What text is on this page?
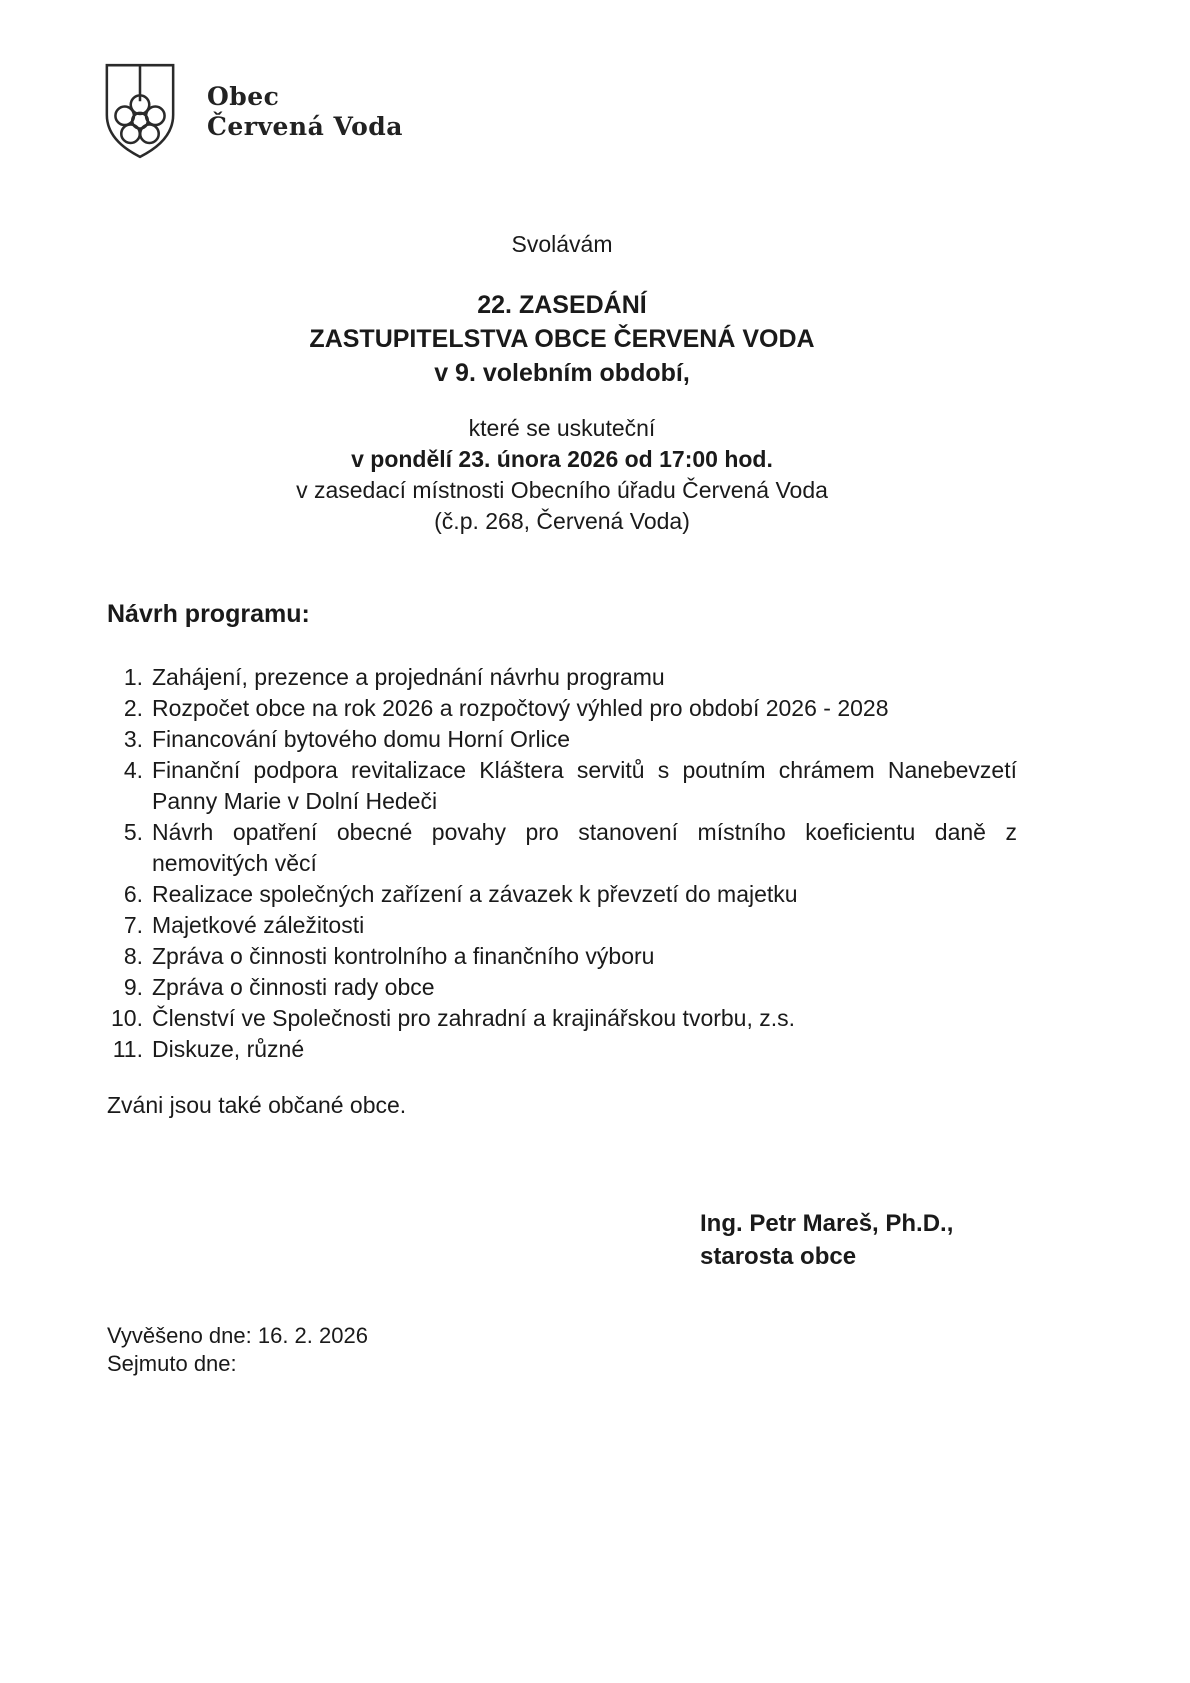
Obec
Červená Voda
Svolávám
22. ZASEDÁNÍ
ZASTUPITELSTVA OBCE ČERVENÁ VODA
v 9. volebním období,
které se uskuteční
v pondělí 23. února 2026 od 17:00 hod.
v zasedací místnosti Obecního úřadu Červená Voda
(č.p. 268, Červená Voda)
Návrh programu:
1. Zahájení, prezence a projednání návrhu programu
2. Rozpočet obce na rok 2026 a rozpočtový výhled pro období 2026 - 2028
3. Financování bytového domu Horní Orlice
4. Finanční podpora revitalizace Kláštera servitů s poutním chrámem Nanebevzetí Panny Marie v Dolní Hedeči
5. Návrh opatření obecné povahy pro stanovení místního koeficientu daně z nemovitých věcí
6. Realizace společných zařízení a závazek k převzetí do majetku
7. Majetkové záležitosti
8. Zpráva o činnosti kontrolního a finančního výboru
9. Zpráva o činnosti rady obce
10. Členství ve Společnosti pro zahradní a krajinářskou tvorbu, z.s.
11. Diskuze, různé
Zváni jsou také občané obce.
Ing. Petr Mareš, Ph.D.,
starosta obce
Vyvěšeno dne: 16. 2. 2026
Sejmuto dne:
